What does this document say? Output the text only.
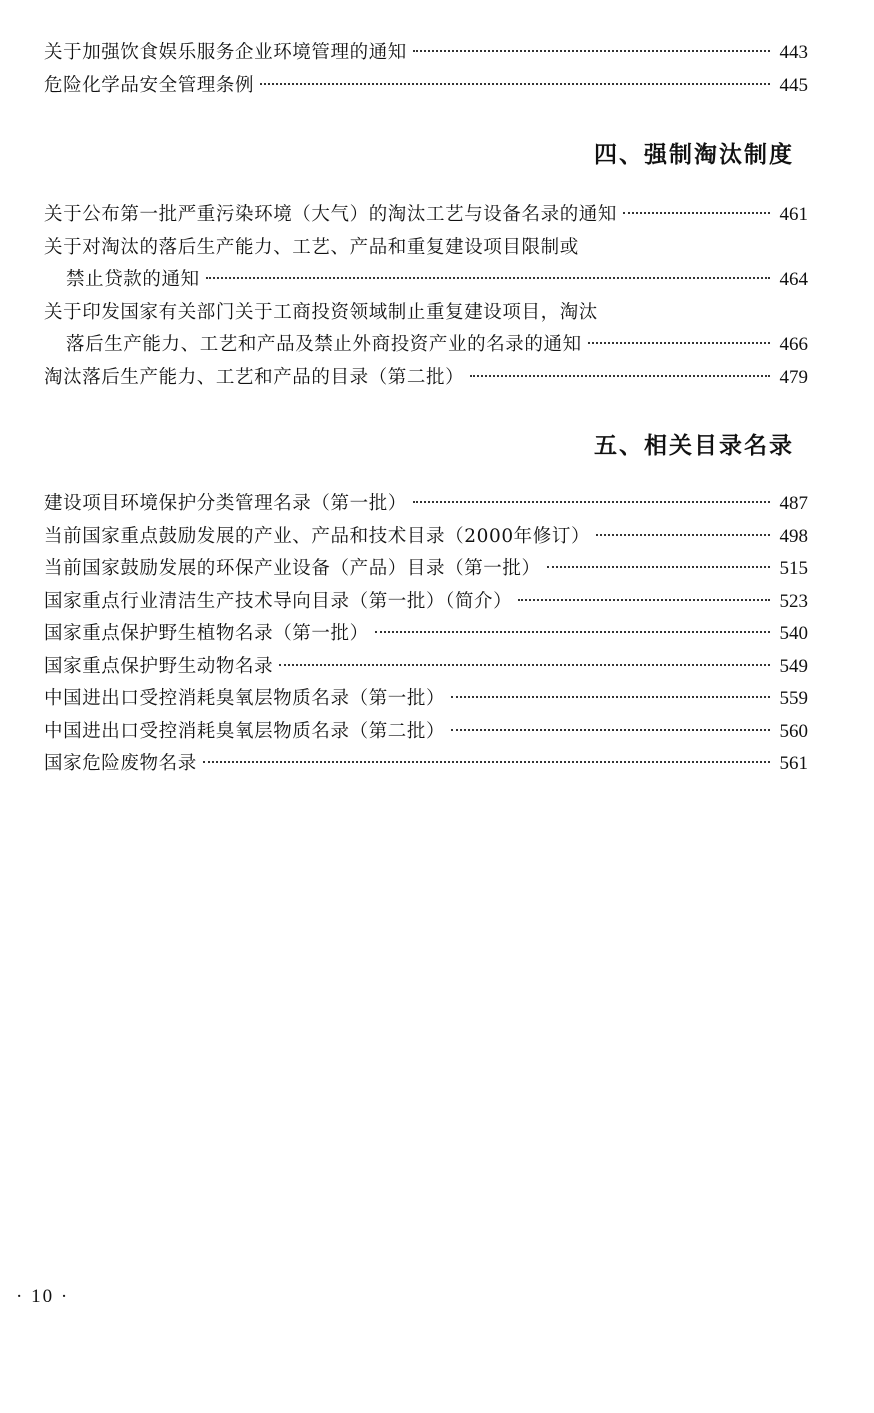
关于加强饮食娱乐服务企业环境管理的通知	443
危险化学品安全管理条例	445
四、强制淘汰制度
关于公布第一批严重污染环境（大气）的淘汰工艺与设备名录的通知	461
关于对淘汰的落后生产能力、工艺、产品和重复建设项目限制或
禁止贷款的通知	464
关于印发国家有关部门关于工商投资领域制止重复建设项目，淘汰
落后生产能力、工艺和产品及禁止外商投资产业的名录的通知	466
淘汰落后生产能力、工艺和产品的目录（第二批）	479
五、相关目录名录
建设项目环境保护分类管理名录（第一批）	487
当前国家重点鼓励发展的产业、产品和技术目录（2000年修订）	498
当前国家鼓励发展的环保产业设备（产品）目录（第一批）	515
国家重点行业清洁生产技术导向目录（第一批）（简介）	523
国家重点保护野生植物名录（第一批）	540
国家重点保护野生动物名录	549
中国进出口受控消耗臭氧层物质名录（第一批）	559
中国进出口受控消耗臭氧层物质名录（第二批）	560
国家危险废物名录	561
· 10 ·
